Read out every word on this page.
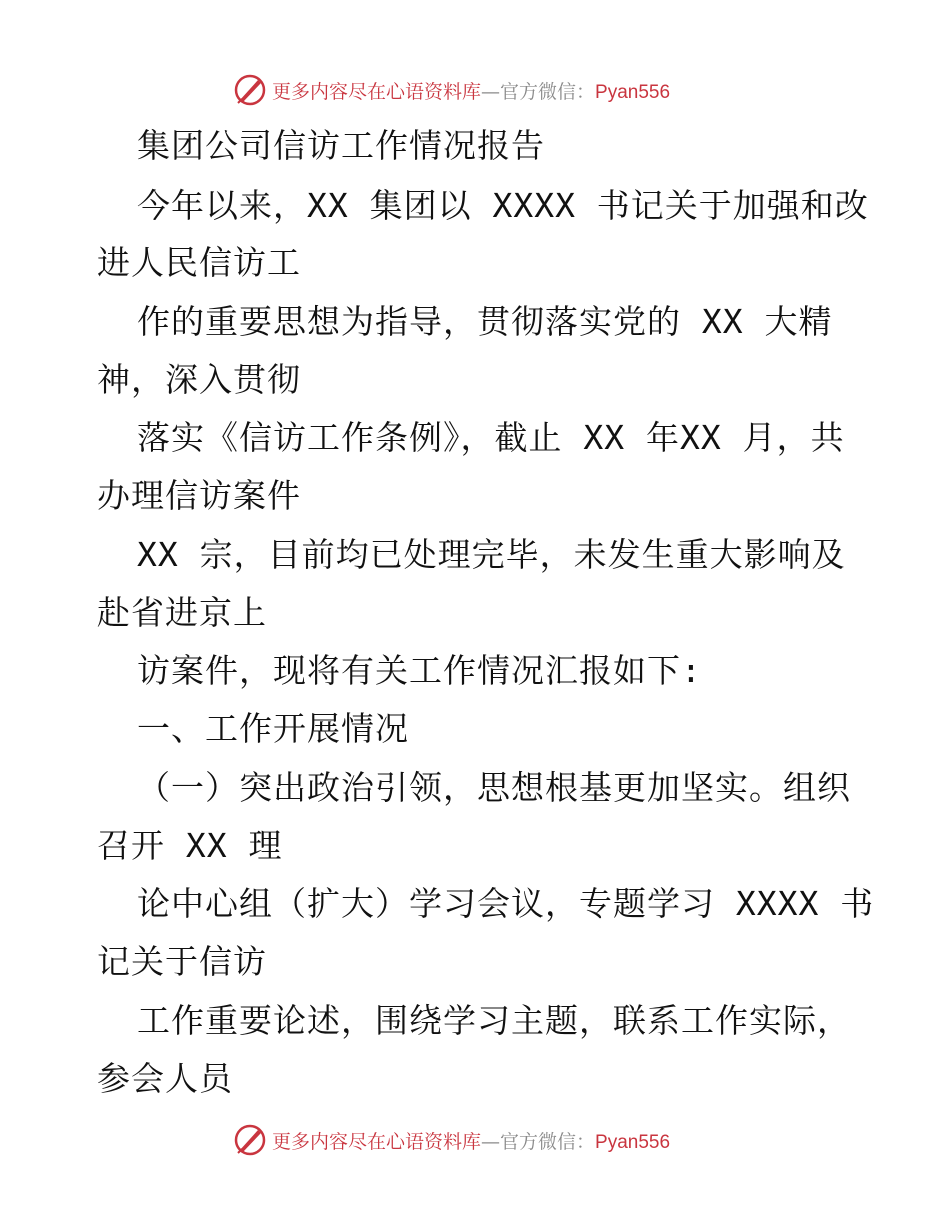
更多内容尽在心语资料库—官方微信：Pyan556
集团公司信访工作情况报告
今年以来，XX 集团以 XXXX 书记关于加强和改
进人民信访工
作的重要思想为指导，贯彻落实党的 XX 大精
神，深入贯彻
落实《信访工作条例》，截止 XX 年XX 月，共
办理信访案件
XX 宗，目前均已处理完毕，未发生重大影响及
赴省进京上
访案件，现将有关工作情况汇报如下:
一、工作开展情况
（一）突出政治引领，思想根基更加坚实。组织
召开 XX 理
论中心组（扩大）学习会议，专题学习 XXXX 书
记关于信访
工作重要论述，围绕学习主题，联系工作实际，
参会人员
更多内容尽在心语资料库—官方微信：Pyan556
